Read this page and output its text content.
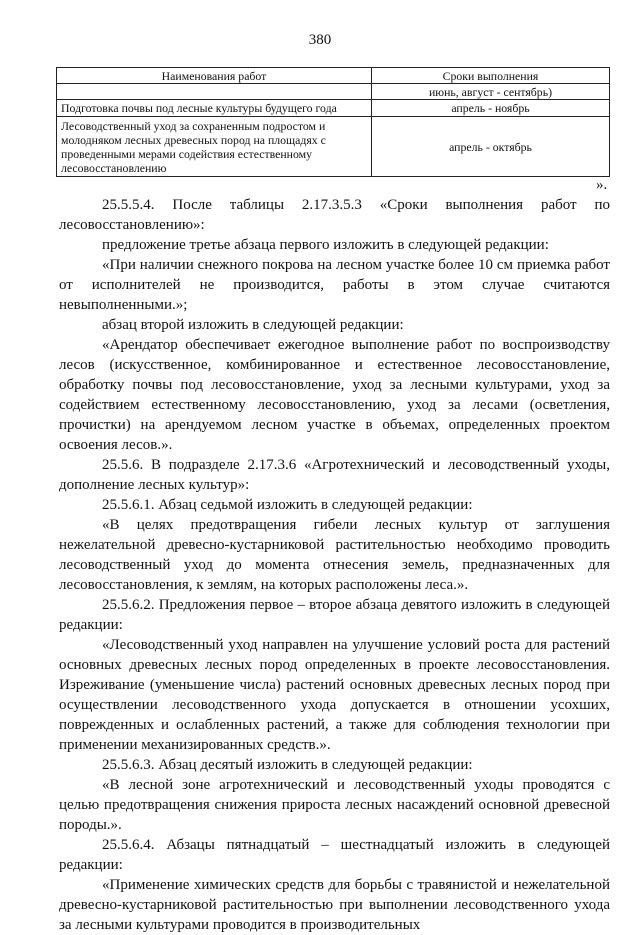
380
Наименования работ	Сроки выполнения
	июнь, август - сентябрь)
Подготовка почвы под лесные культуры будущего года	апрель - ноябрь
Лесоводственный уход за сохраненным подростом и молодняком лесных древесных пород на площадях с проведенными мерами содействия естественному лесовосстановлению	апрель - октябрь
».

25.5.5.4. После таблицы 2.17.3.5.3 «Сроки выполнения работ по лесовосстановлению»:

предложение третье абзаца первого изложить в следующей редакции:

«При наличии снежного покрова на лесном участке более 10 см приемка работ от исполнителей не производится, работы в этом случае считаются невыполненными.»;

абзац второй изложить в следующей редакции:

«Арендатор обеспечивает ежегодное выполнение работ по воспроизводству лесов (искусственное, комбинированное и естественное лесовосстановление, обработку почвы под лесовосстановление, уход за лесными культурами, уход за содействием естественному лесовосстановлению, уход за лесами (осветления, прочистки) на арендуемом лесном участке в объемах, определенных проектом освоения лесов.».

25.5.6. В подразделе 2.17.3.6 «Агротехнический и лесоводственный уходы, дополнение лесных культур»:

25.5.6.1. Абзац седьмой изложить в следующей редакции:

«В целях предотвращения гибели лесных культур от заглушения нежелательной древесно-кустарниковой растительностью необходимо проводить лесоводственный уход до момента отнесения земель, предназначенных для лесовосстановления, к землям, на которых расположены леса.».

25.5.6.2. Предложения первое – второе абзаца девятого изложить в следующей редакции:

«Лесоводственный уход направлен на улучшение условий роста для растений основных древесных лесных пород определенных в проекте лесовосстановления. Изреживание (уменьшение числа) растений основных древесных лесных пород при осуществлении лесоводственного ухода допускается в отношении усохших, поврежденных и ослабленных растений, а также для соблюдения технологии при применении механизированных средств.».

25.5.6.3. Абзац десятый изложить в следующей редакции:

«В лесной зоне агротехнический и лесоводственный уходы проводятся с целью предотвращения снижения прироста лесных насаждений основной древесной породы.».

25.5.6.4. Абзацы пятнадцатый – шестнадцатый изложить в следующей редакции:

«Применение химических средств для борьбы с травянистой и нежелательной древесно-кустарниковой растительностью при выполнении лесоводственного ухода за лесными культурами проводится в производительных
